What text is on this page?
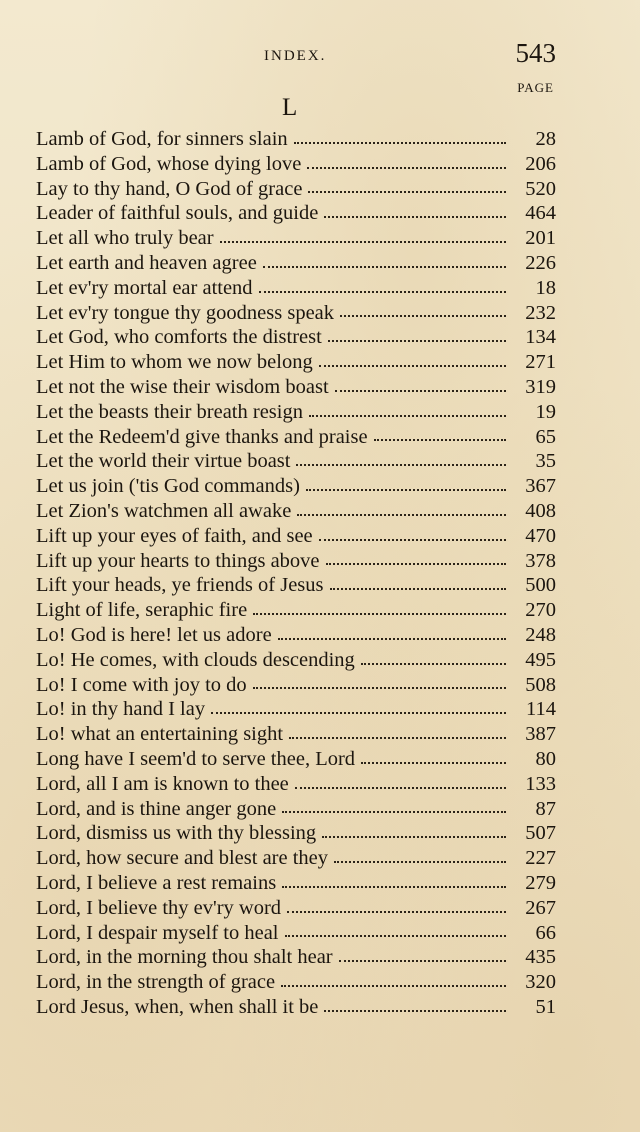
INDEX.	543
PAGE
L
Lamb of God, for sinners slain	28
Lamb of God, whose dying love	206
Lay to thy hand, O God of grace	520
Leader of faithful souls, and guide	464
Let all who truly bear	201
Let earth and heaven agree	226
Let ev'ry mortal ear attend	18
Let ev'ry tongue thy goodness speak	232
Let God, who comforts the distrest	134
Let Him to whom we now belong	271
Let not the wise their wisdom boast	319
Let the beasts their breath resign	19
Let the Redeem'd give thanks and praise	65
Let the world their virtue boast	35
Let us join ('tis God commands)	367
Let Zion's watchmen all awake	408
Lift up your eyes of faith, and see	470
Lift up your hearts to things above	378
Lift your heads, ye friends of Jesus	500
Light of life, seraphic fire	270
Lo! God is here! let us adore	248
Lo! He comes, with clouds descending	495
Lo! I come with joy to do	508
Lo! in thy hand I lay	114
Lo! what an entertaining sight	387
Long have I seem'd to serve thee, Lord	80
Lord, all I am is known to thee	133
Lord, and is thine anger gone	87
Lord, dismiss us with thy blessing	507
Lord, how secure and blest are they	227
Lord, I believe a rest remains	279
Lord, I believe thy ev'ry word	267
Lord, I despair myself to heal	66
Lord, in the morning thou shalt hear	435
Lord, in the strength of grace	320
Lord Jesus, when, when shall it be	51
